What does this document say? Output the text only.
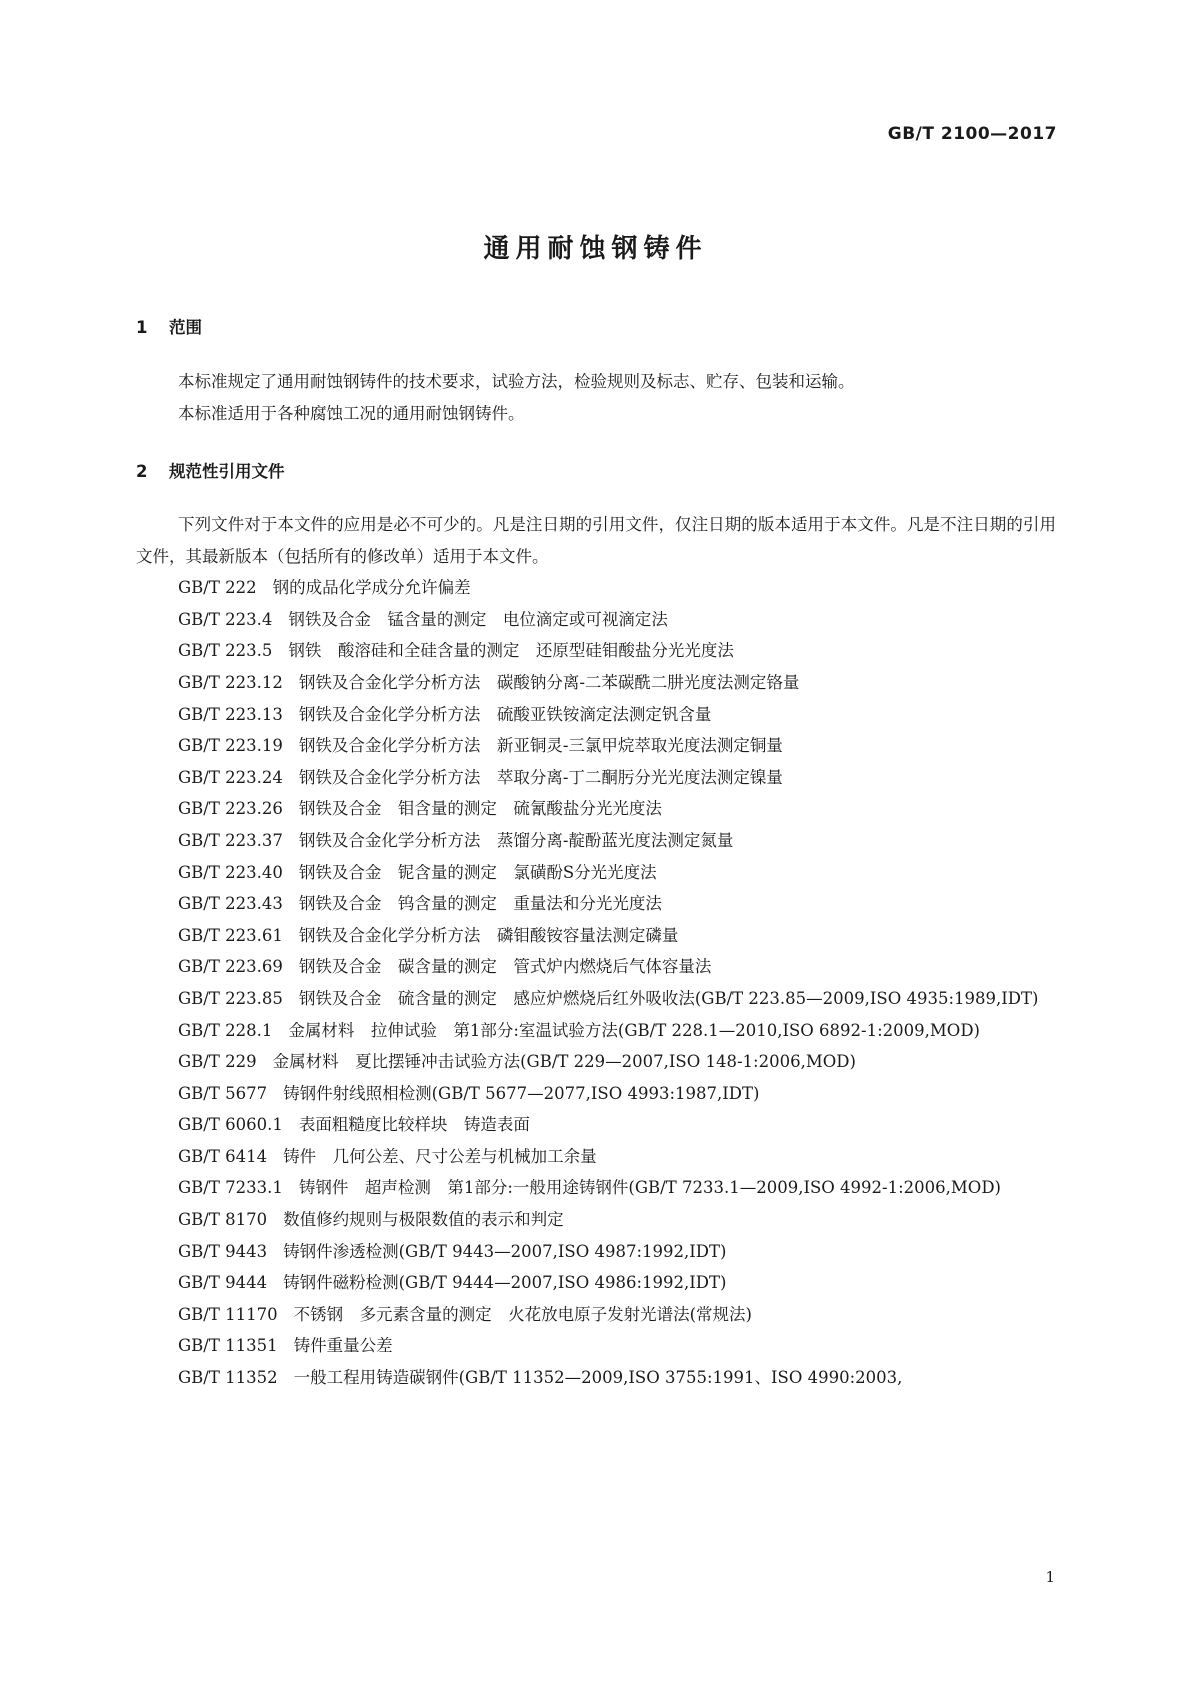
GB/T 2100—2017
通用耐蚀钢铸件
1 范围

本标准规定了通用耐蚀钢铸件的技术要求，试验方法，检验规则及标志、贮存、包装和运输。

本标准适用于各种腐蚀工况的通用耐蚀钢铸件。

2 规范性引用文件

下列文件对于本文件的应用是必不可少的。凡是注日期的引用文件，仅注日期的版本适用于本文件。凡是不注日期的引用文件，其最新版本（包括所有的修改单）适用于本文件。

GB/T 222 钢的成品化学成分允许偏差

GB/T 223.4 钢铁及合金　锰含量的测定　电位滴定或可视滴定法

GB/T 223.5 钢铁　酸溶硅和全硅含量的测定　还原型硅钼酸盐分光光度法

GB/T 223.12 钢铁及合金化学分析方法　碳酸钠分离-二苯碳酰二肼光度法测定铬量

GB/T 223.13 钢铁及合金化学分析方法　硫酸亚铁铵滴定法测定钒含量

GB/T 223.19 钢铁及合金化学分析方法　新亚铜灵-三氯甲烷萃取光度法测定铜量

GB/T 223.24 钢铁及合金化学分析方法　萃取分离-丁二酮肟分光光度法测定镍量

GB/T 223.26 钢铁及合金　钼含量的测定　硫氰酸盐分光光度法

GB/T 223.37 钢铁及合金化学分析方法　蒸馏分离-靛酚蓝光度法测定氮量

GB/T 223.40 钢铁及合金　铌含量的测定　氯磺酚S分光光度法

GB/T 223.43 钢铁及合金　钨含量的测定　重量法和分光光度法

GB/T 223.61 钢铁及合金化学分析方法　磷钼酸铵容量法测定磷量

GB/T 223.69 钢铁及合金　碳含量的测定　管式炉内燃烧后气体容量法

GB/T 223.85 钢铁及合金　硫含量的测定　感应炉燃烧后红外吸收法(GB/T 223.85—2009,ISO 4935:1989,IDT)

GB/T 228.1 金属材料　拉伸试验　第1部分:室温试验方法(GB/T 228.1—2010,ISO 6892-1:2009,MOD)

GB/T 229 金属材料　夏比摆锤冲击试验方法(GB/T 229—2007,ISO 148-1:2006,MOD)

GB/T 5677 铸钢件射线照相检测(GB/T 5677—2077,ISO 4993:1987,IDT)

GB/T 6060.1 表面粗糙度比较样块　铸造表面

GB/T 6414 铸件　几何公差、尺寸公差与机械加工余量

GB/T 7233.1 铸钢件　超声检测　第1部分:一般用途铸钢件(GB/T 7233.1—2009,ISO 4992-1:2006,MOD)

GB/T 8170 数值修约规则与极限数值的表示和判定

GB/T 9443 铸钢件渗透检测(GB/T 9443—2007,ISO 4987:1992,IDT)

GB/T 9444 铸钢件磁粉检测(GB/T 9444—2007,ISO 4986:1992,IDT)

GB/T 11170 不锈钢　多元素含量的测定　火花放电原子发射光谱法(常规法)

GB/T 11351 铸件重量公差

GB/T 11352 一般工程用铸造碳钢件(GB/T 11352—2009,ISO 3755:1991、ISO 4990:2003,

1
